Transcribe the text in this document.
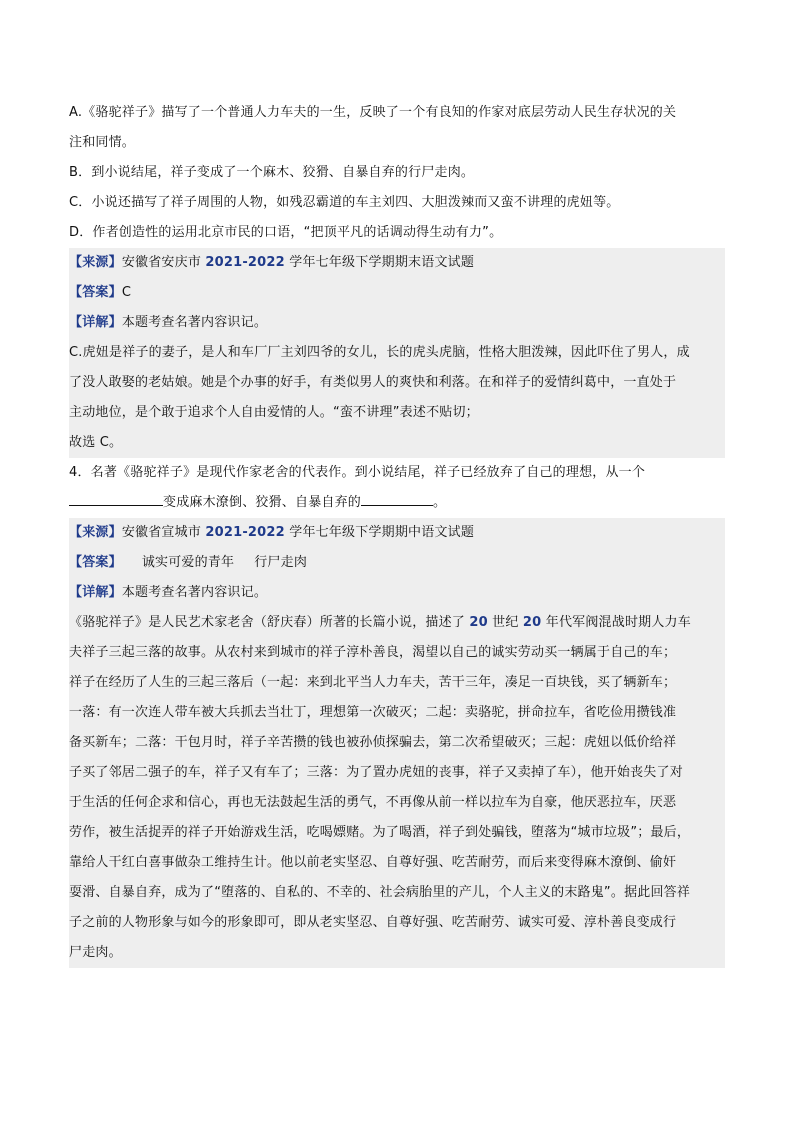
A.《骆驼祥子》描写了一个普通人力车夫的一生，反映了一个有良知的作家对底层劳动人民生存状况的关
注和同情。
B．到小说结尾，祥子变成了一个麻木、狡猾、自暴自弃的行尸走肉。
C．小说还描写了祥子周围的人物，如残忍霸道的车主刘四、大胆泼辣而又蛮不讲理的虎妞等。
D．作者创造性的运用北京市民的口语，“把顶平凡的话调动得生动有力”。
【来源】安徽省安庆市 2021-2022 学年七年级下学期期末语文试题
【答案】C
【详解】本题考查名著内容识记。
C.虎妞是祥子的妻子，是人和车厂厂主刘四爷的女儿，长的虎头虎脑，性格大胆泼辣，因此吓住了男人，成
了没人敢娶的老姑娘。她是个办事的好手，有类似男人的爽快和利落。在和祥子的爱情纠葛中，一直处于
主动地位，是个敢于追求个人自由爱情的人。“蛮不讲理”表述不贴切；
故选 C。
4．名著《骆驼祥子》是现代作家老舍的代表作。到小说结尾，祥子已经放弃了自己的理想，从一个
变成麻木潦倒、狡猾、自暴自弃的	。
【来源】安徽省宣城市 2021-2022 学年七年级下学期期中语文试题
【答案】 诚实可爱的青年 行尸走肉
【详解】本题考查名著内容识记。
《骆驼祥子》是人民艺术家老舍（舒庆春）所著的长篇小说，描述了 20 世纪 20 年代军阀混战时期人力车
夫祥子三起三落的故事。从农村来到城市的祥子淳朴善良，渴望以自己的诚实劳动买一辆属于自己的车；
祥子在经历了人生的三起三落后（一起：来到北平当人力车夫，苦干三年，凑足一百块钱，买了辆新车；
一落：有一次连人带车被大兵抓去当壮丁，理想第一次破灭；二起：卖骆驼，拼命拉车，省吃俭用攒钱准
备买新车；二落：干包月时，祥子辛苦攒的钱也被孙侦探骗去，第二次希望破灭；三起：虎妞以低价给祥
子买了邻居二强子的车，祥子又有车了；三落：为了置办虎妞的丧事，祥子又卖掉了车），他开始丧失了对
于生活的任何企求和信心，再也无法鼓起生活的勇气，不再像从前一样以拉车为自豪，他厌恶拉车，厌恶
劳作，被生活捉弄的祥子开始游戏生活，吃喝嫖赌。为了喝酒，祥子到处骗钱，堕落为“城市垃圾”；最后，
靠给人干红白喜事做杂工维持生计。他以前老实坚忍、自尊好强、吃苦耐劳，而后来变得麻木潦倒、偷奸
耍滑、自暴自弃，成为了“堕落的、自私的、不幸的、社会病胎里的产儿，个人主义的末路鬼”。据此回答祥
子之前的人物形象与如今的形象即可，即从老实坚忍、自尊好强、吃苦耐劳、诚实可爱、淳朴善良变成行
尸走肉。
